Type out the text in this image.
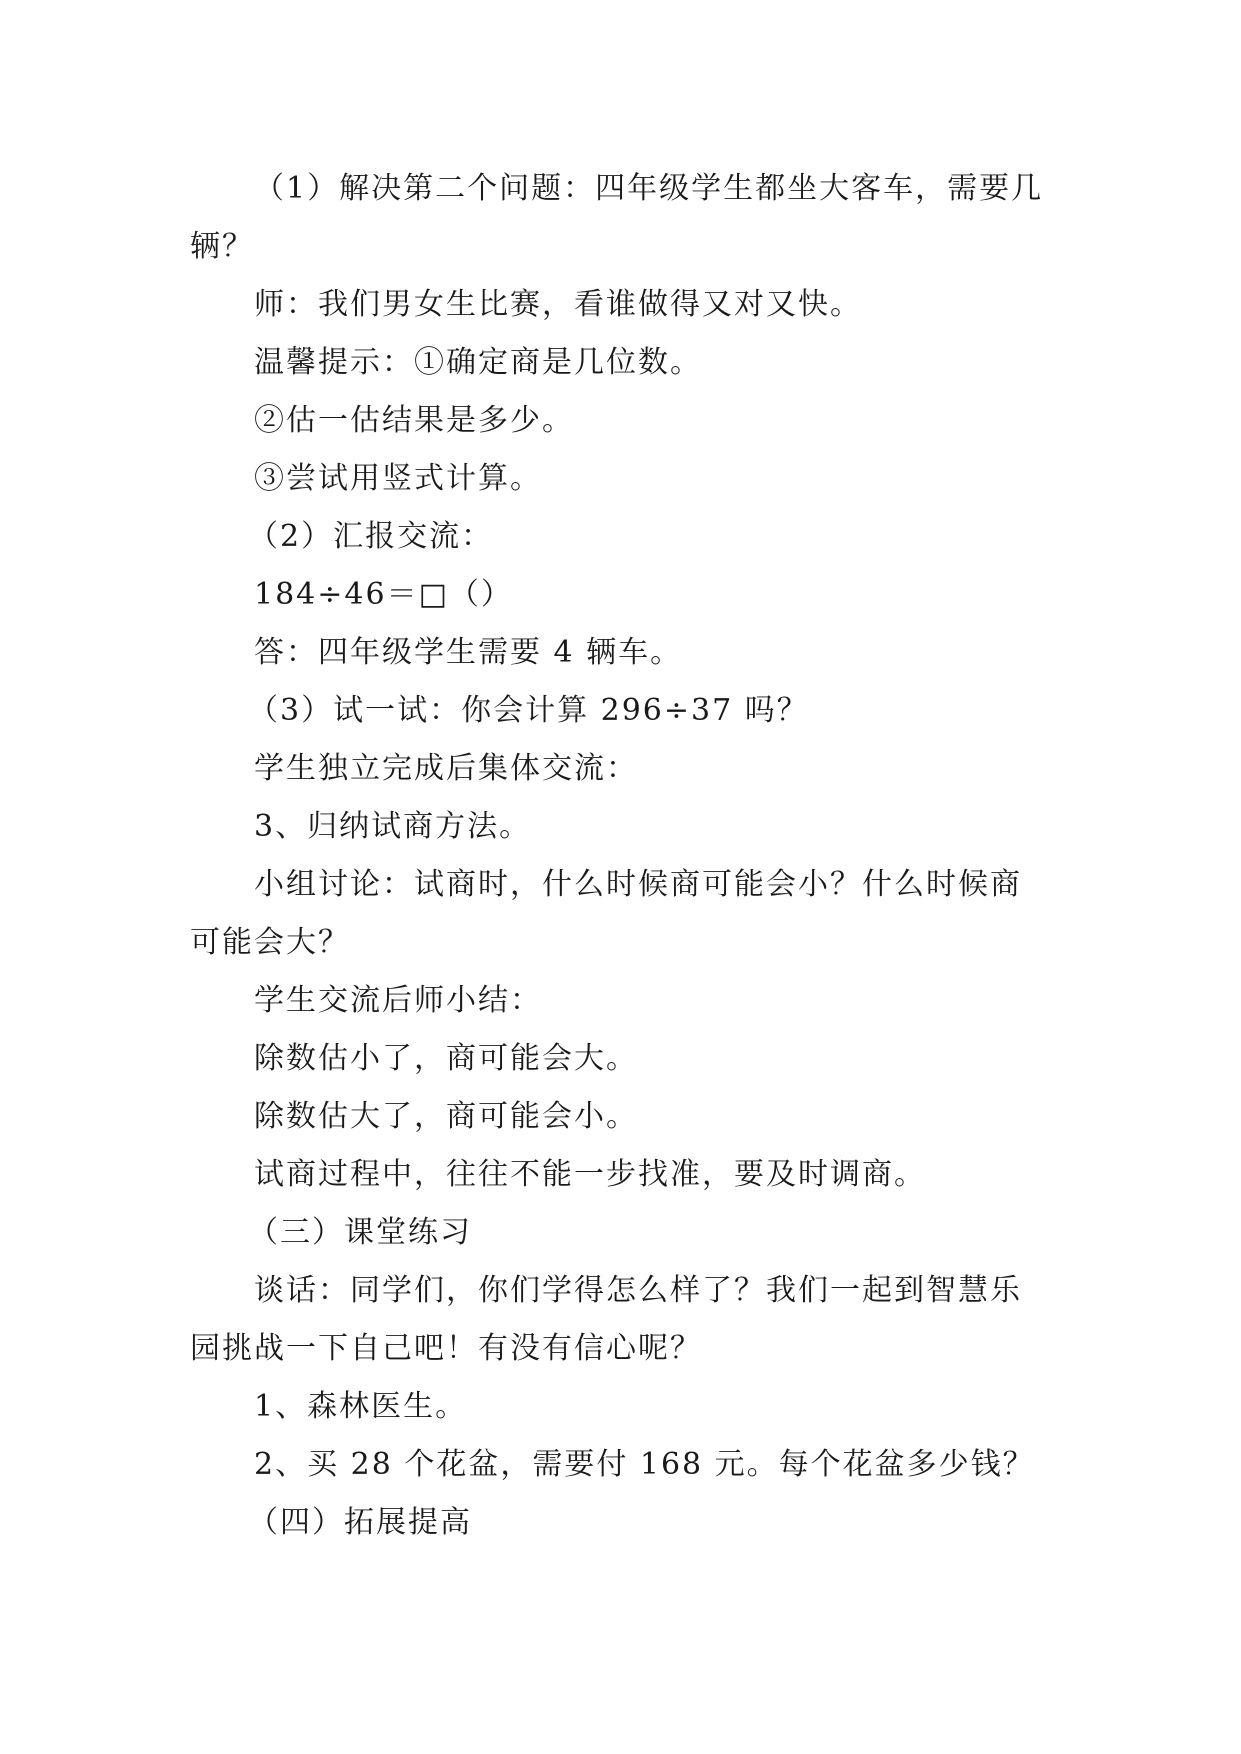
（1）解决第二个问题：四年级学生都坐大客车，需要几辆？

师：我们男女生比赛，看谁做得又对又快。

温馨提示：①确定商是几位数。

②估一估结果是多少。

③尝试用竖式计算。

（2）汇报交流：

184÷46＝□（）

答：四年级学生需要 4 辆车。

（3）试一试：你会计算 296÷37 吗？

学生独立完成后集体交流：

3、归纳试商方法。

小组讨论：试商时，什么时候商可能会小？什么时候商可能会大？

学生交流后师小结：

除数估小了，商可能会大。

除数估大了，商可能会小。

试商过程中，往往不能一步找准，要及时调商。

（三）课堂练习

谈话：同学们，你们学得怎么样了？我们一起到智慧乐园挑战一下自己吧！有没有信心呢？

1、森林医生。

2、买 28 个花盆，需要付 168 元。每个花盆多少钱？

（四）拓展提高
